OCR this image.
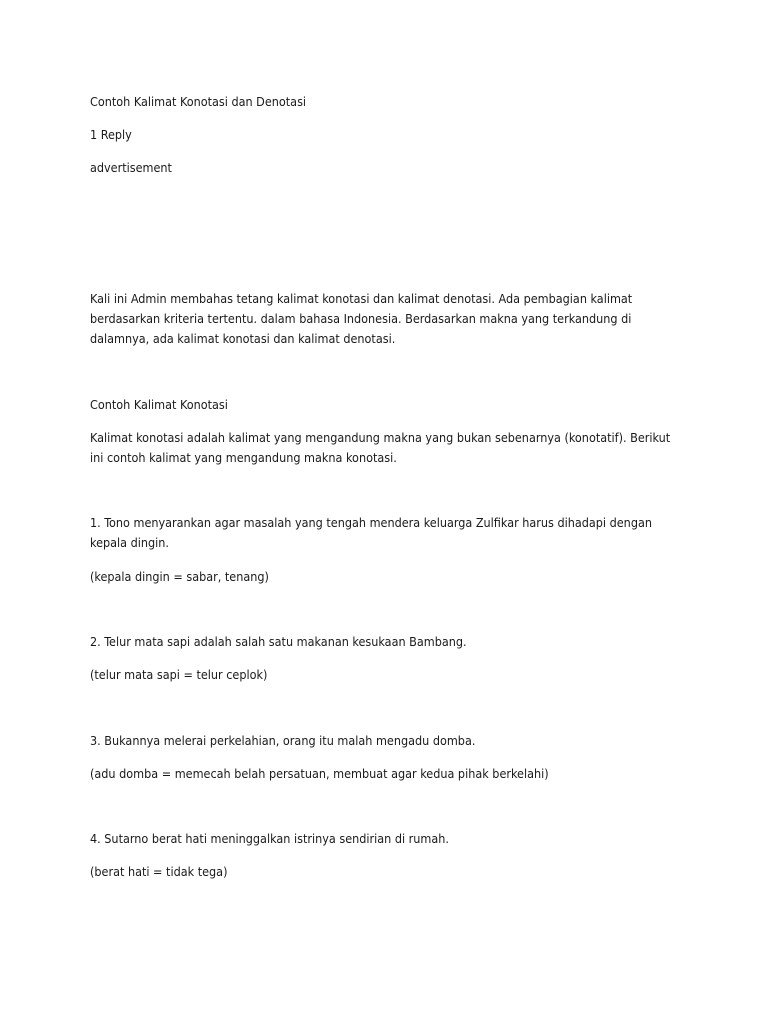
Contoh Kalimat Konotasi dan Denotasi

1 Reply

advertisement

Kali ini Admin membahas tetang kalimat konotasi dan kalimat denotasi. Ada pembagian kalimat

berdasarkan kriteria tertentu. dalam bahasa Indonesia. Berdasarkan makna yang terkandung di

dalamnya, ada kalimat konotasi dan kalimat denotasi.

Contoh Kalimat Konotasi

Kalimat konotasi adalah kalimat yang mengandung makna yang bukan sebenarnya (konotatif). Berikut

ini contoh kalimat yang mengandung makna konotasi.

1. Tono menyarankan agar masalah yang tengah mendera keluarga Zulfikar harus dihadapi dengan

kepala dingin.

(kepala dingin = sabar, tenang)

2. Telur mata sapi adalah salah satu makanan kesukaan Bambang.

(telur mata sapi = telur ceplok)

3. Bukannya melerai perkelahian, orang itu malah mengadu domba.

(adu domba = memecah belah persatuan, membuat agar kedua pihak berkelahi)

4. Sutarno berat hati meninggalkan istrinya sendirian di rumah.

(berat hati = tidak tega)
